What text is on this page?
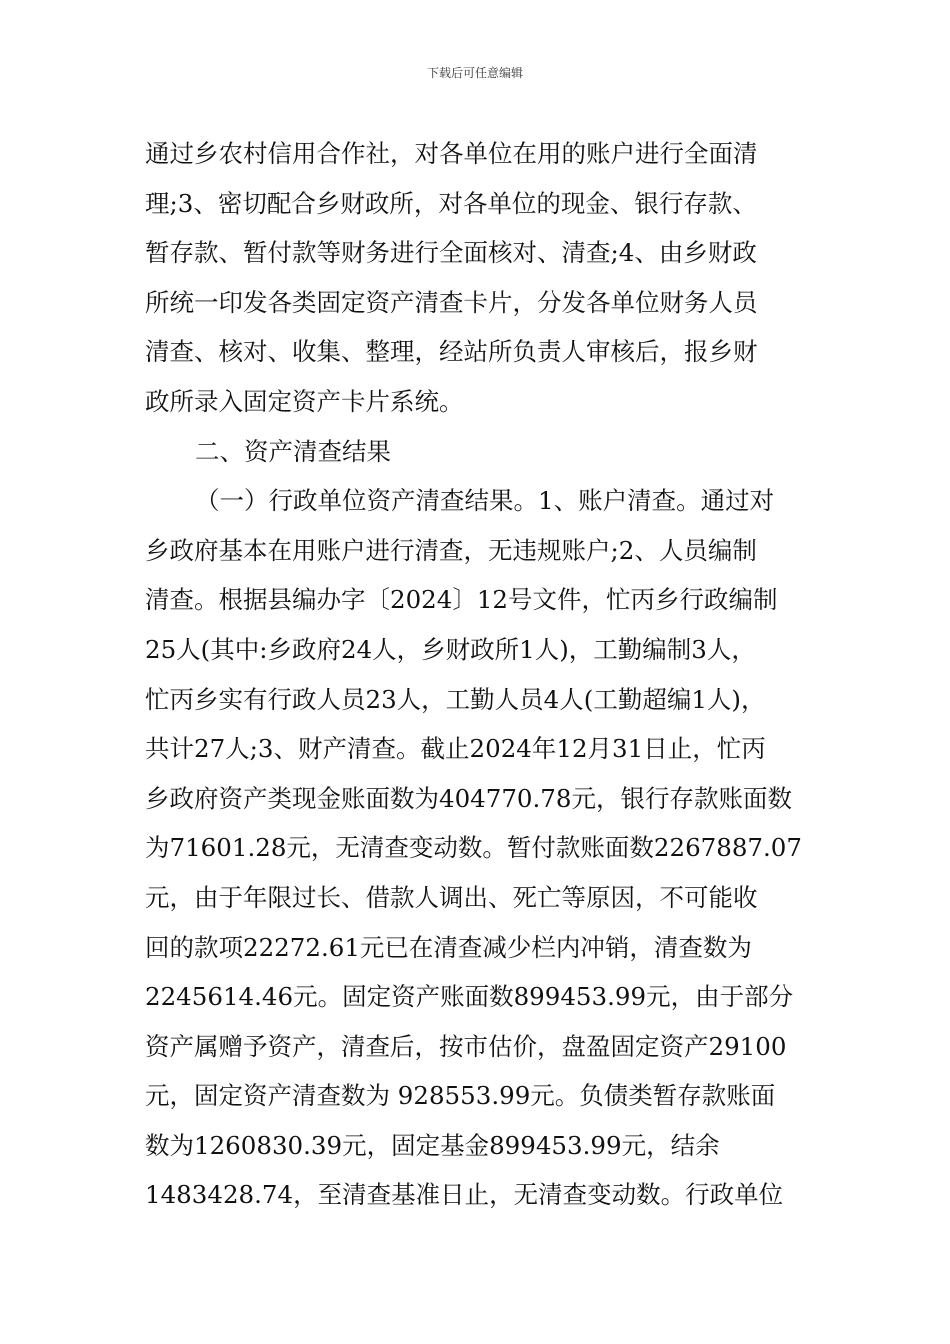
下载后可任意编辑
通过乡农村信用合作社，对各单位在用的账户进行全面清
理;3、密切配合乡财政所，对各单位的现金、银行存款、
暂存款、暂付款等财务进行全面核对、清查;4、由乡财政
所统一印发各类固定资产清查卡片，分发各单位财务人员
清查、核对、收集、整理，经站所负责人审核后，报乡财
政所录入固定资产卡片系统。
二、资产清查结果
（一）行政单位资产清查结果。1、账户清查。通过对
乡政府基本在用账户进行清查，无违规账户;2、人员编制
清查。根据县编办字〔2024〕12号文件，忙丙乡行政编制
25人(其中:乡政府24人，乡财政所1人)，工勤编制3人，
忙丙乡实有行政人员23人，工勤人员4人(工勤超编1人)，
共计27人;3、财产清查。截止2024年12月31日止，忙丙
乡政府资产类现金账面数为404770.78元，银行存款账面数
为71601.28元，无清查变动数。暂付款账面数2267887.07
元，由于年限过长、借款人调出、死亡等原因，不可能收
回的款项22272.61元已在清查减少栏内冲销，清查数为
2245614.46元。固定资产账面数899453.99元，由于部分
资产属赠予资产，清查后，按市估价，盘盈固定资产29100
元，固定资产清查数为 928553.99元。负债类暂存款账面
数为1260830.39元，固定基金899453.99元，结余
1483428.74，至清查基准日止，无清查变动数。行政单位
